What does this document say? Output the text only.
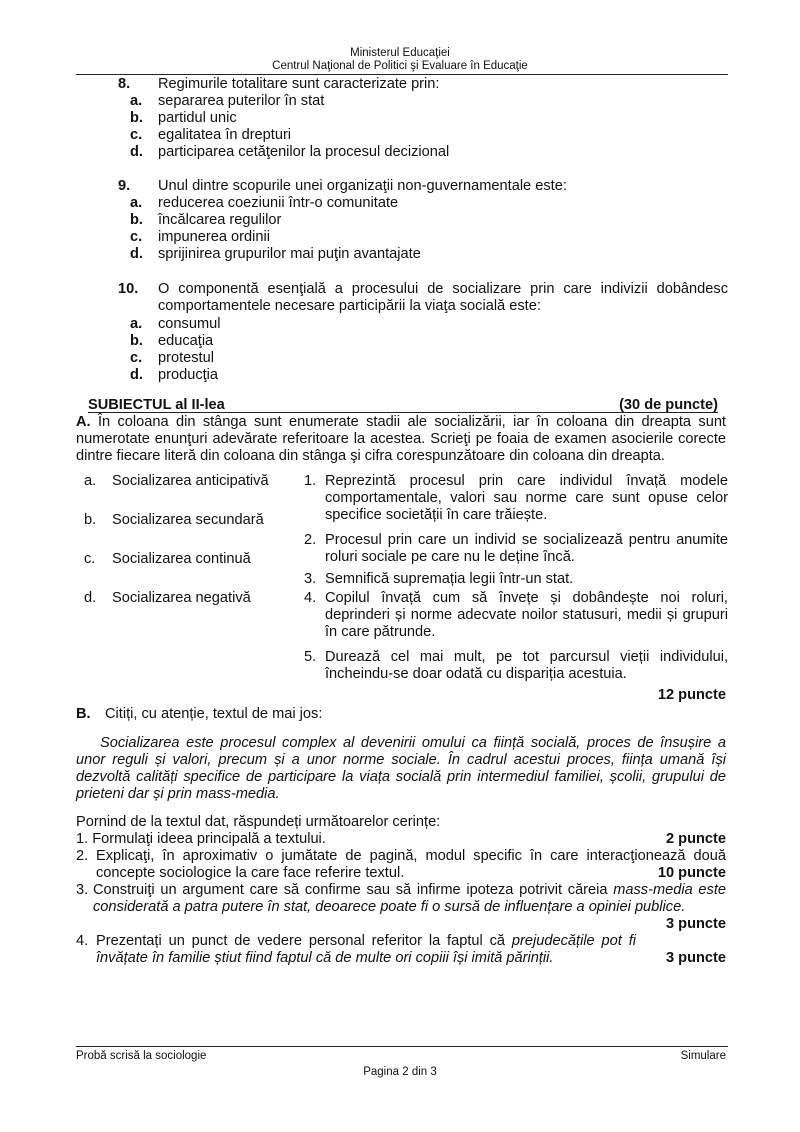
Ministerul Educaţiei
Centrul Naţional de Politici şi Evaluare în Educaţie
8. Regimurile totalitare sunt caracterizate prin:
a. separarea puterilor în stat
b. partidul unic
c. egalitatea în drepturi
d. participarea cetăţenilor la procesul decizional
9. Unul dintre scopurile unei organizaţii non-guvernamentale este:
a. reducerea coeziunii într-o comunitate
b. încălcarea regulilor
c. impunerea ordinii
d. sprijinirea grupurilor mai puţin avantajate
10. O componentă esenţială a procesului de socializare prin care indivizii dobândesc comportamentele necesare participării la viaţa socială este:
a. consumul
b. educaţia
c. protestul
d. producţia
SUBIECTUL al II-lea	(30 de puncte)
A. În coloana din stânga sunt enumerate stadii ale socializării, iar în coloana din dreapta sunt numerotate enunţuri adevărate referitoare la acestea. Scrieţi pe foaia de examen asocierile corecte dintre fiecare literă din coloana din stânga şi cifra corespunzătoare din coloana din dreapta.
a. Socializarea anticipativă
b. Socializarea secundară
c. Socializarea continuă
d. Socializarea negativă
1. Reprezintă procesul prin care individul învață modele comportamentale, valori sau norme care sunt opuse celor specifice societății în care trăiește.
2. Procesul prin care un individ se socializează pentru anumite roluri sociale pe care nu le deține încă.
3. Semnifică supremația legii într-un stat.
4. Copilul învață cum să învețe și dobândește noi roluri, deprinderi și norme adecvate noilor statusuri, medii și grupuri în care pătrunde.
5. Durează cel mai mult, pe tot parcursul vieții individului, încheindu-se doar odată cu dispariția acestuia.
12 puncte
B. Citiți, cu atenție, textul de mai jos:
Socializarea este procesul complex al devenirii omului ca ființă socială, proces de însușire a unor reguli și valori, precum și a unor norme sociale. În cadrul acestui proces, ființa umană își dezvoltă calități specifice de participare la viața socială prin intermediul familiei, școlii, grupului de prieteni dar și prin mass-media.
Pornind de la textul dat, răspundeți următoarelor cerințe:
1. Formulaţi ideea principală a textului.	2 puncte
2. Explicaţi, în aproximativ o jumătate de pagină, modul specific în care interacţionează două concepte sociologice la care face referire textul.	10 puncte
3. Construiţi un argument care să confirme sau să infirme ipoteza potrivit căreia mass-media este considerată a patra putere în stat, deoarece poate fi o sursă de influențare a opiniei publice.
3 puncte
4. Prezentați un punct de vedere personal referitor la faptul că prejudecățile pot fi învățate în familie știut fiind faptul că de multe ori copiii își imită părinții.	3 puncte
Probă scrisă la sociologie	Simulare
Pagina 2 din 3
